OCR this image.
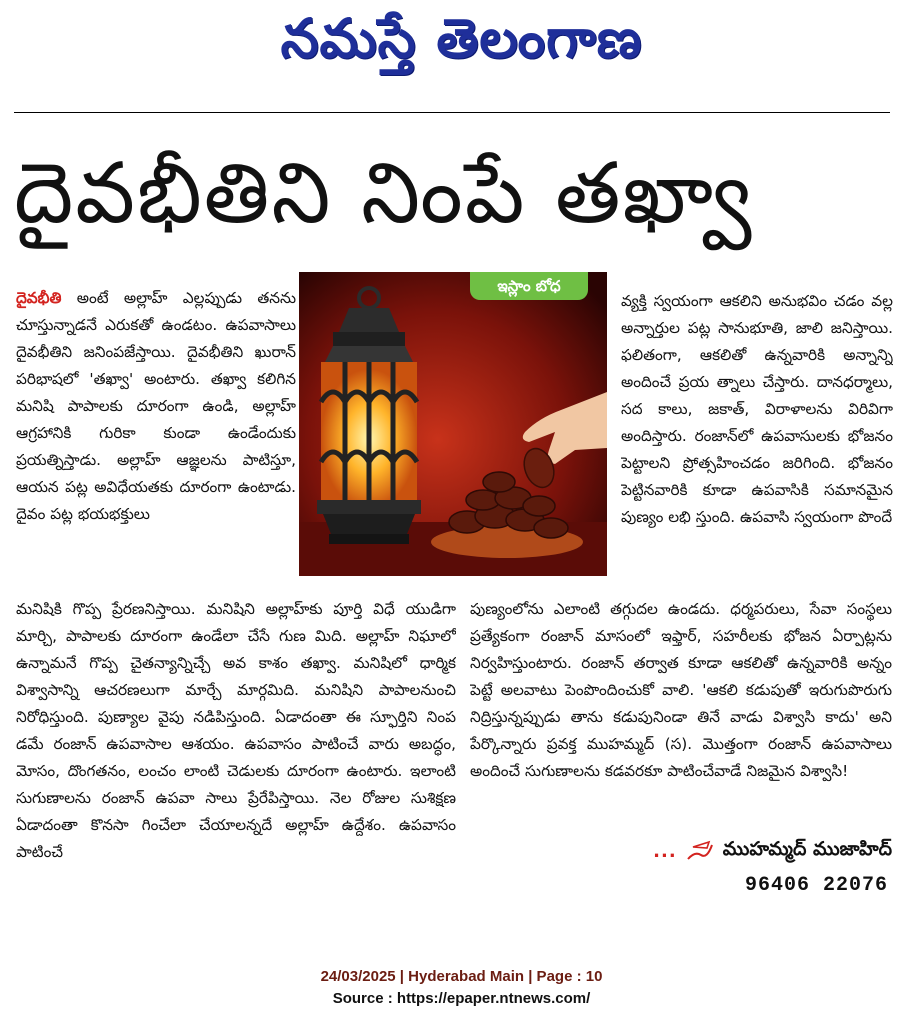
నమస్తే తెలంగాణ
దైవభీతిని నింపే తఖ్వా

దైవభీతి అంటే అల్లాహ్ ఎల్లప్పుడు తనను చూస్తున్నాడనే ఎరుకతో ఉండటం. ఉపవాసాలు దైవభీతిని జనింపజేస్తాయి. దైవభీతిని ఖురాన్ పరిభాషలో 'తఖ్వా' అంటారు. తఖ్వా కలిగిన మనిషి పాపాలకు దూరంగా ఉండి, అల్లాహ్ ఆగ్రహానికి గురికా కుండా ఉండేందుకు ప్రయత్నిస్తాడు. అల్లాహ్ ఆజ్ఞలను పాటిస్తూ, ఆయన పట్ల అవిధేయతకు దూరంగా ఉంటాడు. దైవం పట్ల భయభక్తులు

ఇస్లాం బోధ

వ్యక్తి స్వయంగా ఆకలిని అనుభవిం చడం వల్ల అన్నార్తుల పట్ల సానుభూతి, జాలి జనిస్తాయి. ఫలితంగా, ఆకలితో ఉన్నవారికి అన్నాన్ని అందించే ప్రయ త్నాలు చేస్తారు. దానధర్మాలు, సద కాలు, జకాత్, విరాళాలను విరివిగా అందిస్తారు. రంజాన్‌లో ఉపవాసులకు భోజనం పెట్టాలని ప్రోత్సహించడం జరిగింది. భోజనం పెట్టినవారికి కూడా ఉపవాసికి సమానమైన పుణ్యం లభి స్తుంది. ఉపవాసి స్వయంగా పొందే

మనిషికి గొప్ప ప్రేరణనిస్తాయి. మనిషిని అల్లాహ్‌కు పూర్తి విధే యుడిగా మార్చి, పాపాలకు దూరంగా ఉండేలా చేసే గుణ మిది. అల్లాహ్ నిఘాలో ఉన్నామనే గొప్ప చైతన్యాన్నిచ్చే అవ కాశం తఖ్వా. మనిషిలో ధార్మిక విశ్వాసాన్ని ఆచరణలుగా మార్చే మార్గమిది. మనిషిని పాపాలనుంచి నిరోధిస్తుంది. పుణ్యాల వైపు నడిపిస్తుంది. ఏడాదంతా ఈ స్ఫూర్తిని నింప డమే రంజాన్ ఉపవాసాల ఆశయం. ఉపవాసం పాటించే వారు అబద్ధం, మోసం, దొంగతనం, లంచం లాంటి చెడులకు దూరంగా ఉంటారు. ఇలాంటి సుగుణాలను రంజాన్ ఉపవా సాలు ప్రేరేపిస్తాయి. నెల రోజుల సుశిక్షణ ఏడాదంతా కొనసా గించేలా చేయాలన్నదే అల్లాహ్ ఉద్దేశం. ఉపవాసం పాటించే

పుణ్యంలోను ఎలాంటి తగ్గుదల ఉండదు. ధర్మపరులు, సేవా సంస్థలు ప్రత్యేకంగా రంజాన్ మాసంలో ఇఫ్తార్, సహరీలకు భోజన ఏర్పాట్లను నిర్వహిస్తుంటారు. రంజాన్ తర్వాత కూడా ఆకలితో ఉన్నవారికి అన్నం పెట్టే అలవాటు పెంపొందించుకో వాలి. 'ఆకలి కడుపుతో ఇరుగుపొరుగు నిద్రిస్తున్నప్పుడు తాను కడుపునిండా తినే వాడు విశ్వాసి కాదు' అని పేర్కొన్నారు ప్రవక్త ముహమ్మద్ (స). మొత్తంగా రంజాన్ ఉపవాసాలు అందించే సుగుణాలను కడవరకూ పాటించేవాడే నిజమైన విశ్వాసి!

... ముహమ్మద్ ముజాహిద్
96406 22076
24/03/2025 | Hyderabad Main | Page : 10
Source : https://epaper.ntnews.com/
